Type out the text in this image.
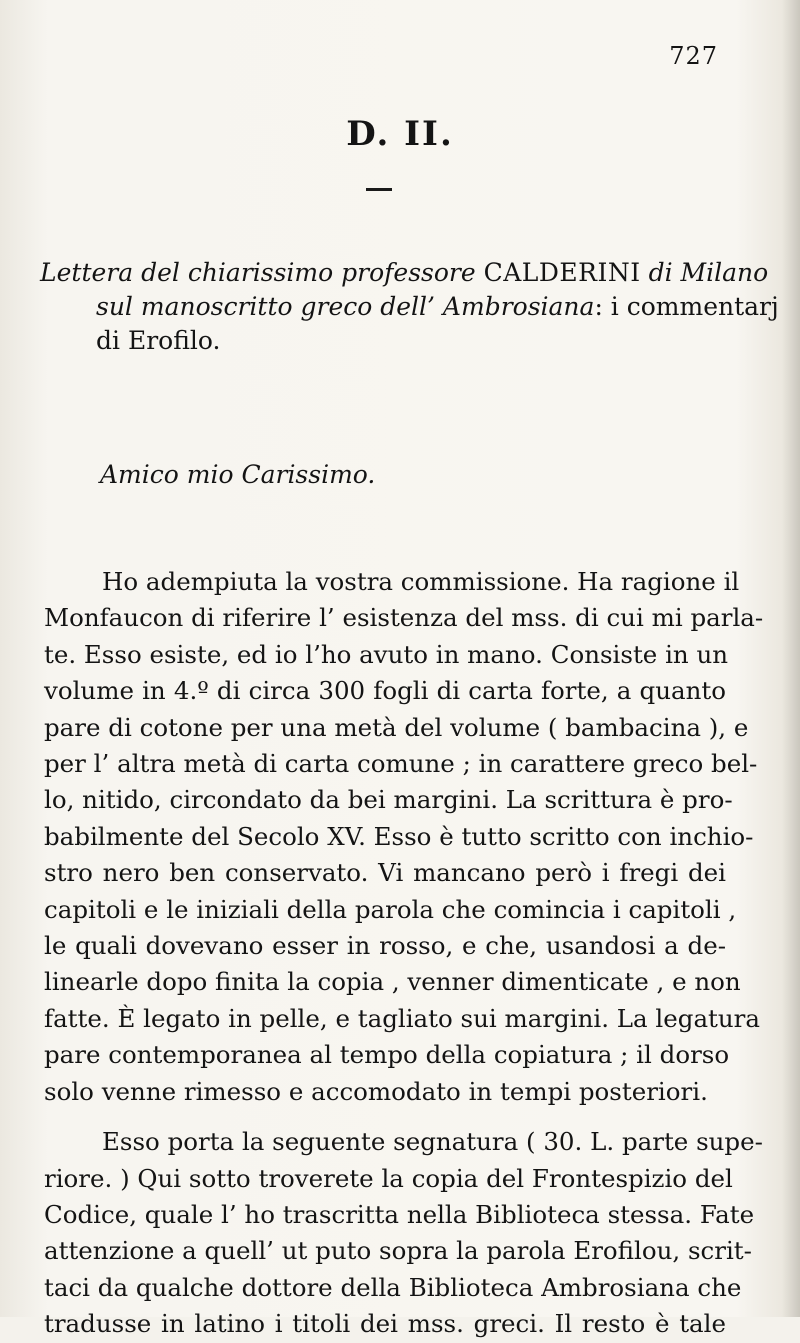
727
D. II.
Lettera del chiarissimo professore CALDERINI di Milano
sul manoscritto greco dell’ Ambrosiana: i commentarj
di Erofilo.
Amico mio Carissimo.
Ho adempiuta la vostra commissione. Ha ragione il
Monfaucon di riferire l’ esistenza del mss. di cui mi parla-
te. Esso esiste, ed io l’ho avuto in mano. Consiste in un
volume in 4.º di circa 300 fogli di carta forte, a quanto
pare di cotone per una metà del volume ( bambacina ), e
per l’ altra metà di carta comune ; in carattere greco bel-
lo, nitido, circondato da bei margini. La scrittura è pro-
babilmente del Secolo XV. Esso è tutto scritto con inchio-
stro nero ben conservato. Vi mancano però i fregi dei
capitoli e le iniziali della parola che comincia i capitoli ,
le quali dovevano esser in rosso, e che, usandosi a de-
linearle dopo finita la copia , venner dimenticate , e non
fatte. È legato in pelle, e tagliato sui margini. La legatura
pare contemporanea al tempo della copiatura ; il dorso
solo venne rimesso e accomodato in tempi posteriori.
Esso porta la seguente segnatura ( 30. L. parte supe-
riore. ) Qui sotto troverete la copia del Frontespizio del
Codice, quale l’ ho trascritta nella Biblioteca stessa. Fate
attenzione a quell’ ut puto sopra la parola Erofilou, scrit-
taci da qualche dottore della Biblioteca Ambrosiana che
tradusse in latino i titoli dei mss. greci. Il resto è tale
